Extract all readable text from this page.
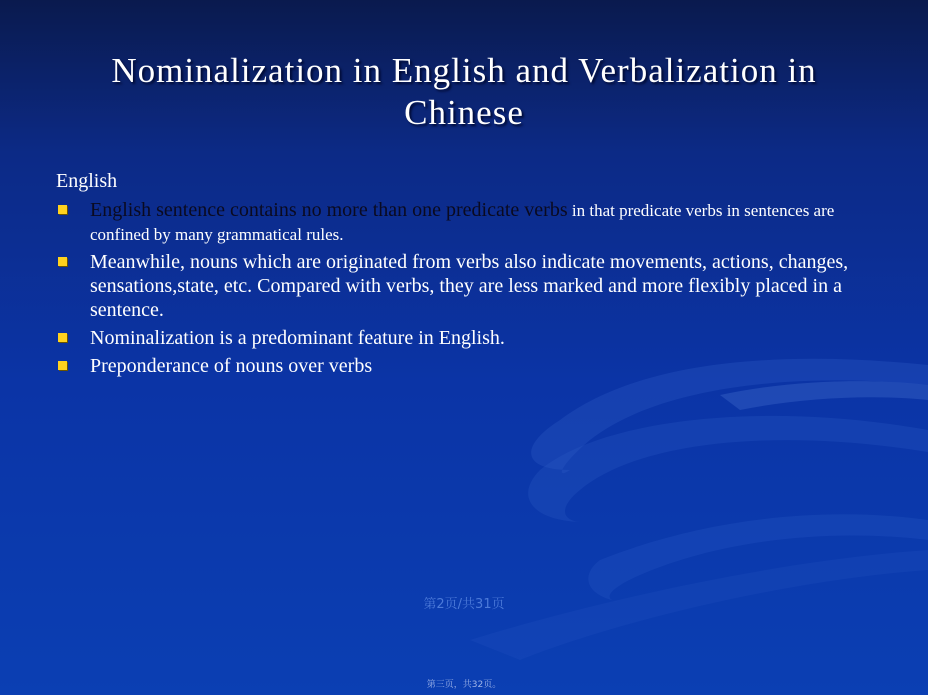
Nominalization in English and Verbalization in Chinese
English
English sentence contains no more than one predicate verbs in that predicate verbs in sentences are confined by many grammatical rules.
Meanwhile, nouns which are originated from verbs also indicate movements, actions, changes, sensations,state, etc. Compared with verbs, they are less marked and more flexibly placed in a sentence.
Nominalization is a predominant feature in English.
Preponderance of nouns over verbs
第2页/共31页
第三页，共32页。
